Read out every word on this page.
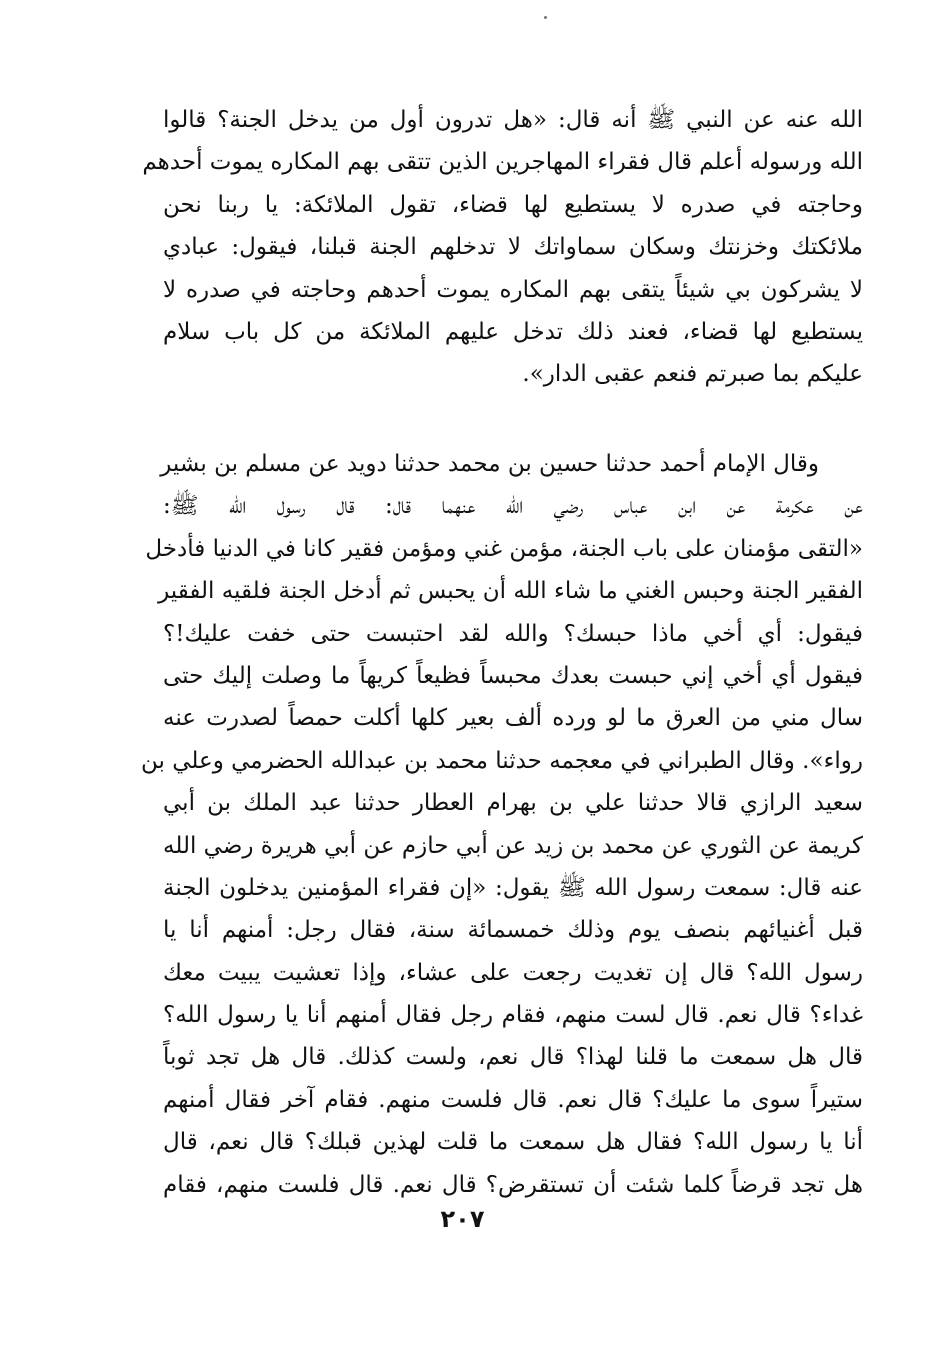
الله عنه عن النبي ﷺ أنه قال: «هل تدرون أول من يدخل الجنة؟ قالوا
الله ورسوله أعلم قال فقراء المهاجرين الذين تتقى بهم المكاره يموت أحدهم
وحاجته في صدره لا يستطيع لها قضاء، تقول الملائكة: يا ربنا نحن
ملائكتك وخزنتك وسكان سماواتك لا تدخلهم الجنة قبلنا، فيقول: عبادي
لا يشركون بي شيئاً يتقى بهم المكاره يموت أحدهم وحاجته في صدره لا
يستطيع لها قضاء، فعند ذلك تدخل عليهم الملائكة من كل باب سلام
عليكم بما صبرتم فنعم عقبى الدار».
وقال الإمام أحمد حدثنا حسين بن محمد حدثنا دويد عن مسلم بن بشير
عن عكرمة عن ابن عباس رضي الله عنهما قال: قال رسول الله ﷺ:
«التقى مؤمنان على باب الجنة، مؤمن غني ومؤمن فقير كانا في الدنيا فأدخل
الفقير الجنة وحبس الغني ما شاء الله أن يحبس ثم أدخل الجنة فلقيه الفقير
فيقول: أي أخي ماذا حبسك؟ والله لقد احتبست حتى خفت عليك!؟
فيقول أي أخي إني حبست بعدك محبساً فظيعاً كريهاً ما وصلت إليك حتى
سال مني من العرق ما لو ورده ألف بعير كلها أكلت حمصاً لصدرت عنه
رواء». وقال الطبراني في معجمه حدثنا محمد بن عبدالله الحضرمي وعلي بن
سعيد الرازي قالا حدثنا علي بن بهرام العطار حدثنا عبد الملك بن أبي
كريمة عن الثوري عن محمد بن زيد عن أبي حازم عن أبي هريرة رضي الله
عنه قال: سمعت رسول الله ﷺ يقول: «إن فقراء المؤمنين يدخلون الجنة
قبل أغنيائهم بنصف يوم وذلك خمسمائة سنة، فقال رجل: أمنهم أنا يا
رسول الله؟ قال إن تغديت رجعت على عشاء، وإذا تعشيت يبيت معك
غداء؟ قال نعم. قال لست منهم، فقام رجل فقال أمنهم أنا يا رسول الله؟
قال هل سمعت ما قلنا لهذا؟ قال نعم، ولست كذلك. قال هل تجد ثوباً
ستيراً سوى ما عليك؟ قال نعم. قال فلست منهم. فقام آخر فقال أمنهم
أنا يا رسول الله؟ فقال هل سمعت ما قلت لهذين قبلك؟ قال نعم، قال
هل تجد قرضاً كلما شئت أن تستقرض؟ قال نعم. قال فلست منهم، فقام
٢٠٧
